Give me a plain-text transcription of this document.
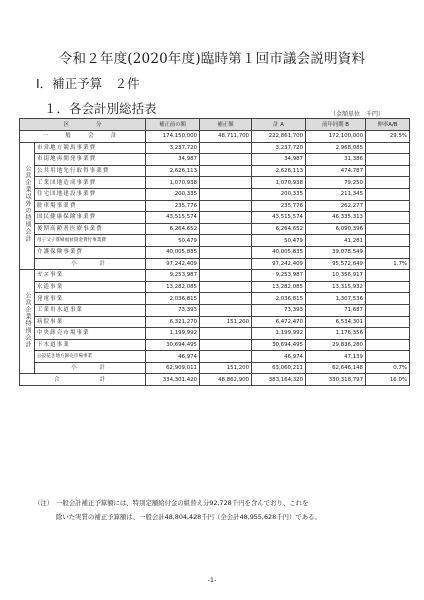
令和２年度(2020年度)臨時第１回市議会説明資料
Ⅰ．補正予算　２件
１．各会計別総括表	（金額単位　千円）
区　　　　　分		補正前の額	補正額	計 A	前年同期 B	伸率A/B
一　般　会　計		174,150,000	48,711,700	222,861,700	172,100,000	29.5%
公営企業以外の特別会計	市営地方競馬事業費	3,237,720		3,237,720	2,968,085	
	市街地再開発事業費	34,987		34,987	31,386	
	公共用地先行取得事業費	2,626,113		2,626,113	474,787	
	工業団地造成事業費	1,070,938		1,070,938	79,250	
	住宅団地建設事業費	200,335		200,335	211,345	
	駐車場事業費	235,776		235,776	262,277	
	国民健康保険事業費	43,515,574		43,515,574	46,335,313	
	後期高齢者医療事業費	6,264,652		6,264,652	6,090,396	
	母子父子寡婦福祉資金貸付事業費	50,479		50,479	41,281	
	介護保険事業費	40,005,835		40,005,835	39,078,549	
	小　　計	97,242,409		97,242,409	95,572,649	1.7%
公営企業特別会計	ガス事業	9,253,987		9,253,987	10,356,917	
	水道事業	13,282,085		13,282,085	13,315,932	
	発電事業	2,036,815		2,036,815	1,307,536	
	工業用水道事業	73,393		73,393	71,687	
	病院事業	6,321,270	151,200	6,472,470	6,534,301	
	中央卸売市場事業	1,199,992		1,199,992	1,176,356	
	下水道事業	30,694,495		30,694,495	29,836,280	
	公設花き地方卸売市場事業	46,974		46,974	47,139	
	小　　計	62,909,011	151,200	63,060,211	62,646,148	0.7%
合　　　計		334,301,420	48,862,900	383,164,320	330,318,797	16.0%
（注） 一般会計補正予算額には、特別定額給付金の組替え分92,728千円を含んでおり、これを
除いた実質の補正予算額は、一般会計48,804,428千円（全会計48,955,628千円）である。
-1-
